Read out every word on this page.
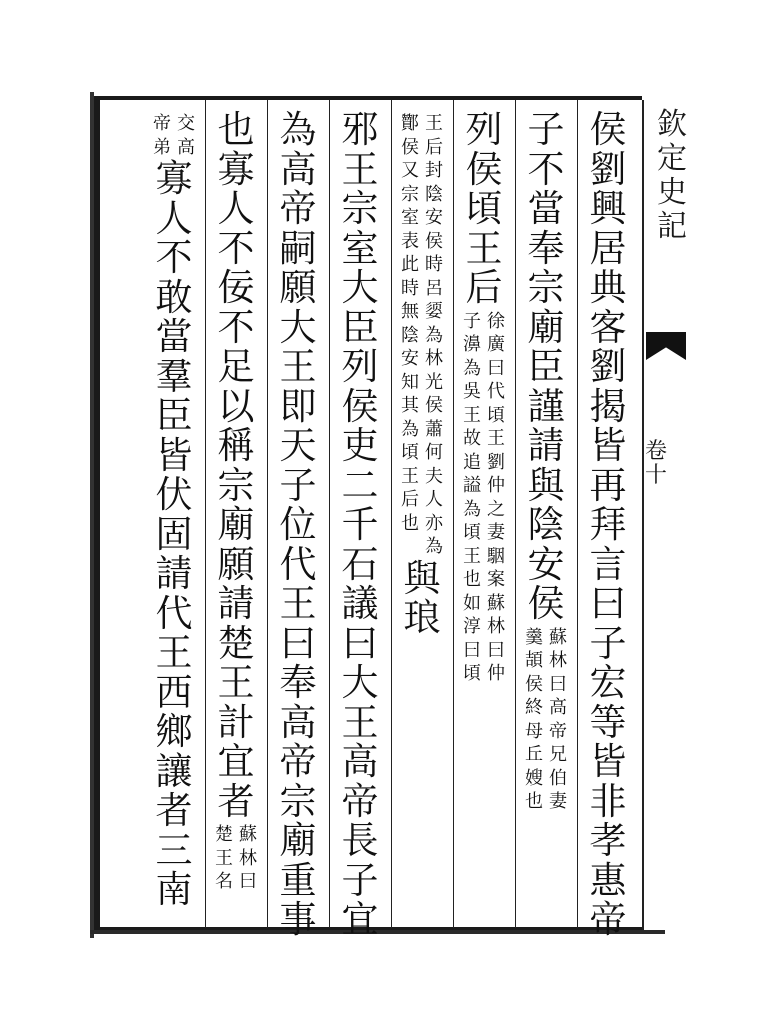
欽
定
史
記
卷
十
侯
劉
興
居
典
客
劉
揭
皆
再
拜
言
曰
子
宏
等
皆
非
孝
惠
帝
子
不
當
奉
宗
廟
臣
謹
請
與
陰
安
侯
蘇
林
曰
高
帝
兄
伯
妻
羹
頡
侯
終
母
丘
嫂
也
列
侯
頃
王
后
徐
廣
曰
代
頃
王
劉
仲
之
妻
駰
案
蘇
林
曰
仲
子
濞
為
吳
王
故
追
謚
為
頃
王
也
如
淳
曰
頃
王
后
封
陰
安
侯
時
呂
媭
為
林
光
侯
蕭
何
夫
人
亦
為
酇
侯
又
宗
室
表
此
時
無
陰
安
知
其
為
頃
王
后
也
與
琅
邪
王
宗
室
大
臣
列
侯
吏
二
千
石
議
曰
大
王
高
帝
長
子
宜
為
高
帝
嗣
願
大
王
即
天
子
位
代
王
曰
奉
高
帝
宗
廟
重
事
也
寡
人
不
佞
不
足
以
稱
宗
廟
願
請
楚
王
計
宜
者
蘇
林
曰
楚
王
名
交
高
帝
弟
寡
人
不
敢
當
羣
臣
皆
伏
固
請
代
王
西
鄉
讓
者
三
南
